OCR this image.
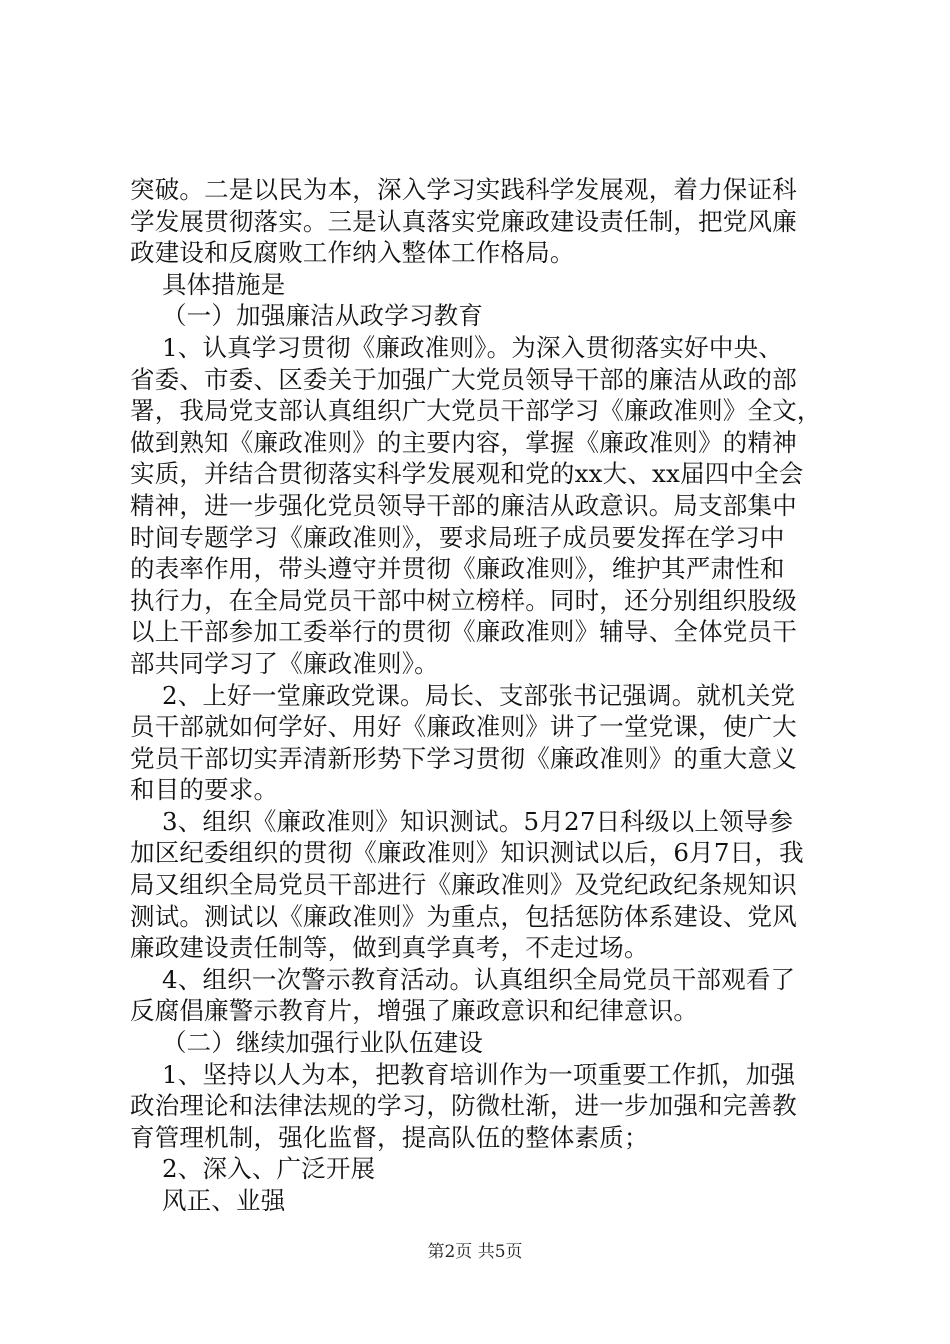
突破。二是以民为本，深入学习实践科学发展观，着力保证科
学发展贯彻落实。三是认真落实党廉政建设责任制，把党风廉
政建设和反腐败工作纳入整体工作格局。
具体措施是
（一）加强廉洁从政学习教育
1、认真学习贯彻《廉政准则》。为深入贯彻落实好中央、
省委、市委、区委关于加强广大党员领导干部的廉洁从政的部
署，我局党支部认真组织广大党员干部学习《廉政准则》全文，
做到熟知《廉政准则》的主要内容，掌握《廉政准则》的精神
实质，并结合贯彻落实科学发展观和党的xx大、xx届四中全会
精神，进一步强化党员领导干部的廉洁从政意识。局支部集中
时间专题学习《廉政准则》，要求局班子成员要发挥在学习中
的表率作用，带头遵守并贯彻《廉政准则》，维护其严肃性和
执行力，在全局党员干部中树立榜样。同时，还分别组织股级
以上干部参加工委举行的贯彻《廉政准则》辅导、全体党员干
部共同学习了《廉政准则》。
2、上好一堂廉政党课。局长、支部张书记强调。就机关党
员干部就如何学好、用好《廉政准则》讲了一堂党课，使广大
党员干部切实弄清新形势下学习贯彻《廉政准则》的重大意义
和目的要求。
3、组织《廉政准则》知识测试。5月27日科级以上领导参
加区纪委组织的贯彻《廉政准则》知识测试以后，6月7日，我
局又组织全局党员干部进行《廉政准则》及党纪政纪条规知识
测试。测试以《廉政准则》为重点，包括惩防体系建设、党风
廉政建设责任制等，做到真学真考，不走过场。
4、组织一次警示教育活动。认真组织全局党员干部观看了
反腐倡廉警示教育片，增强了廉政意识和纪律意识。
（二）继续加强行业队伍建设
1、坚持以人为本，把教育培训作为一项重要工作抓，加强
政治理论和法律法规的学习，防微杜渐，进一步加强和完善教
育管理机制，强化监督，提高队伍的整体素质；
2、深入、广泛开展
风正、业强
第2页 共5页
